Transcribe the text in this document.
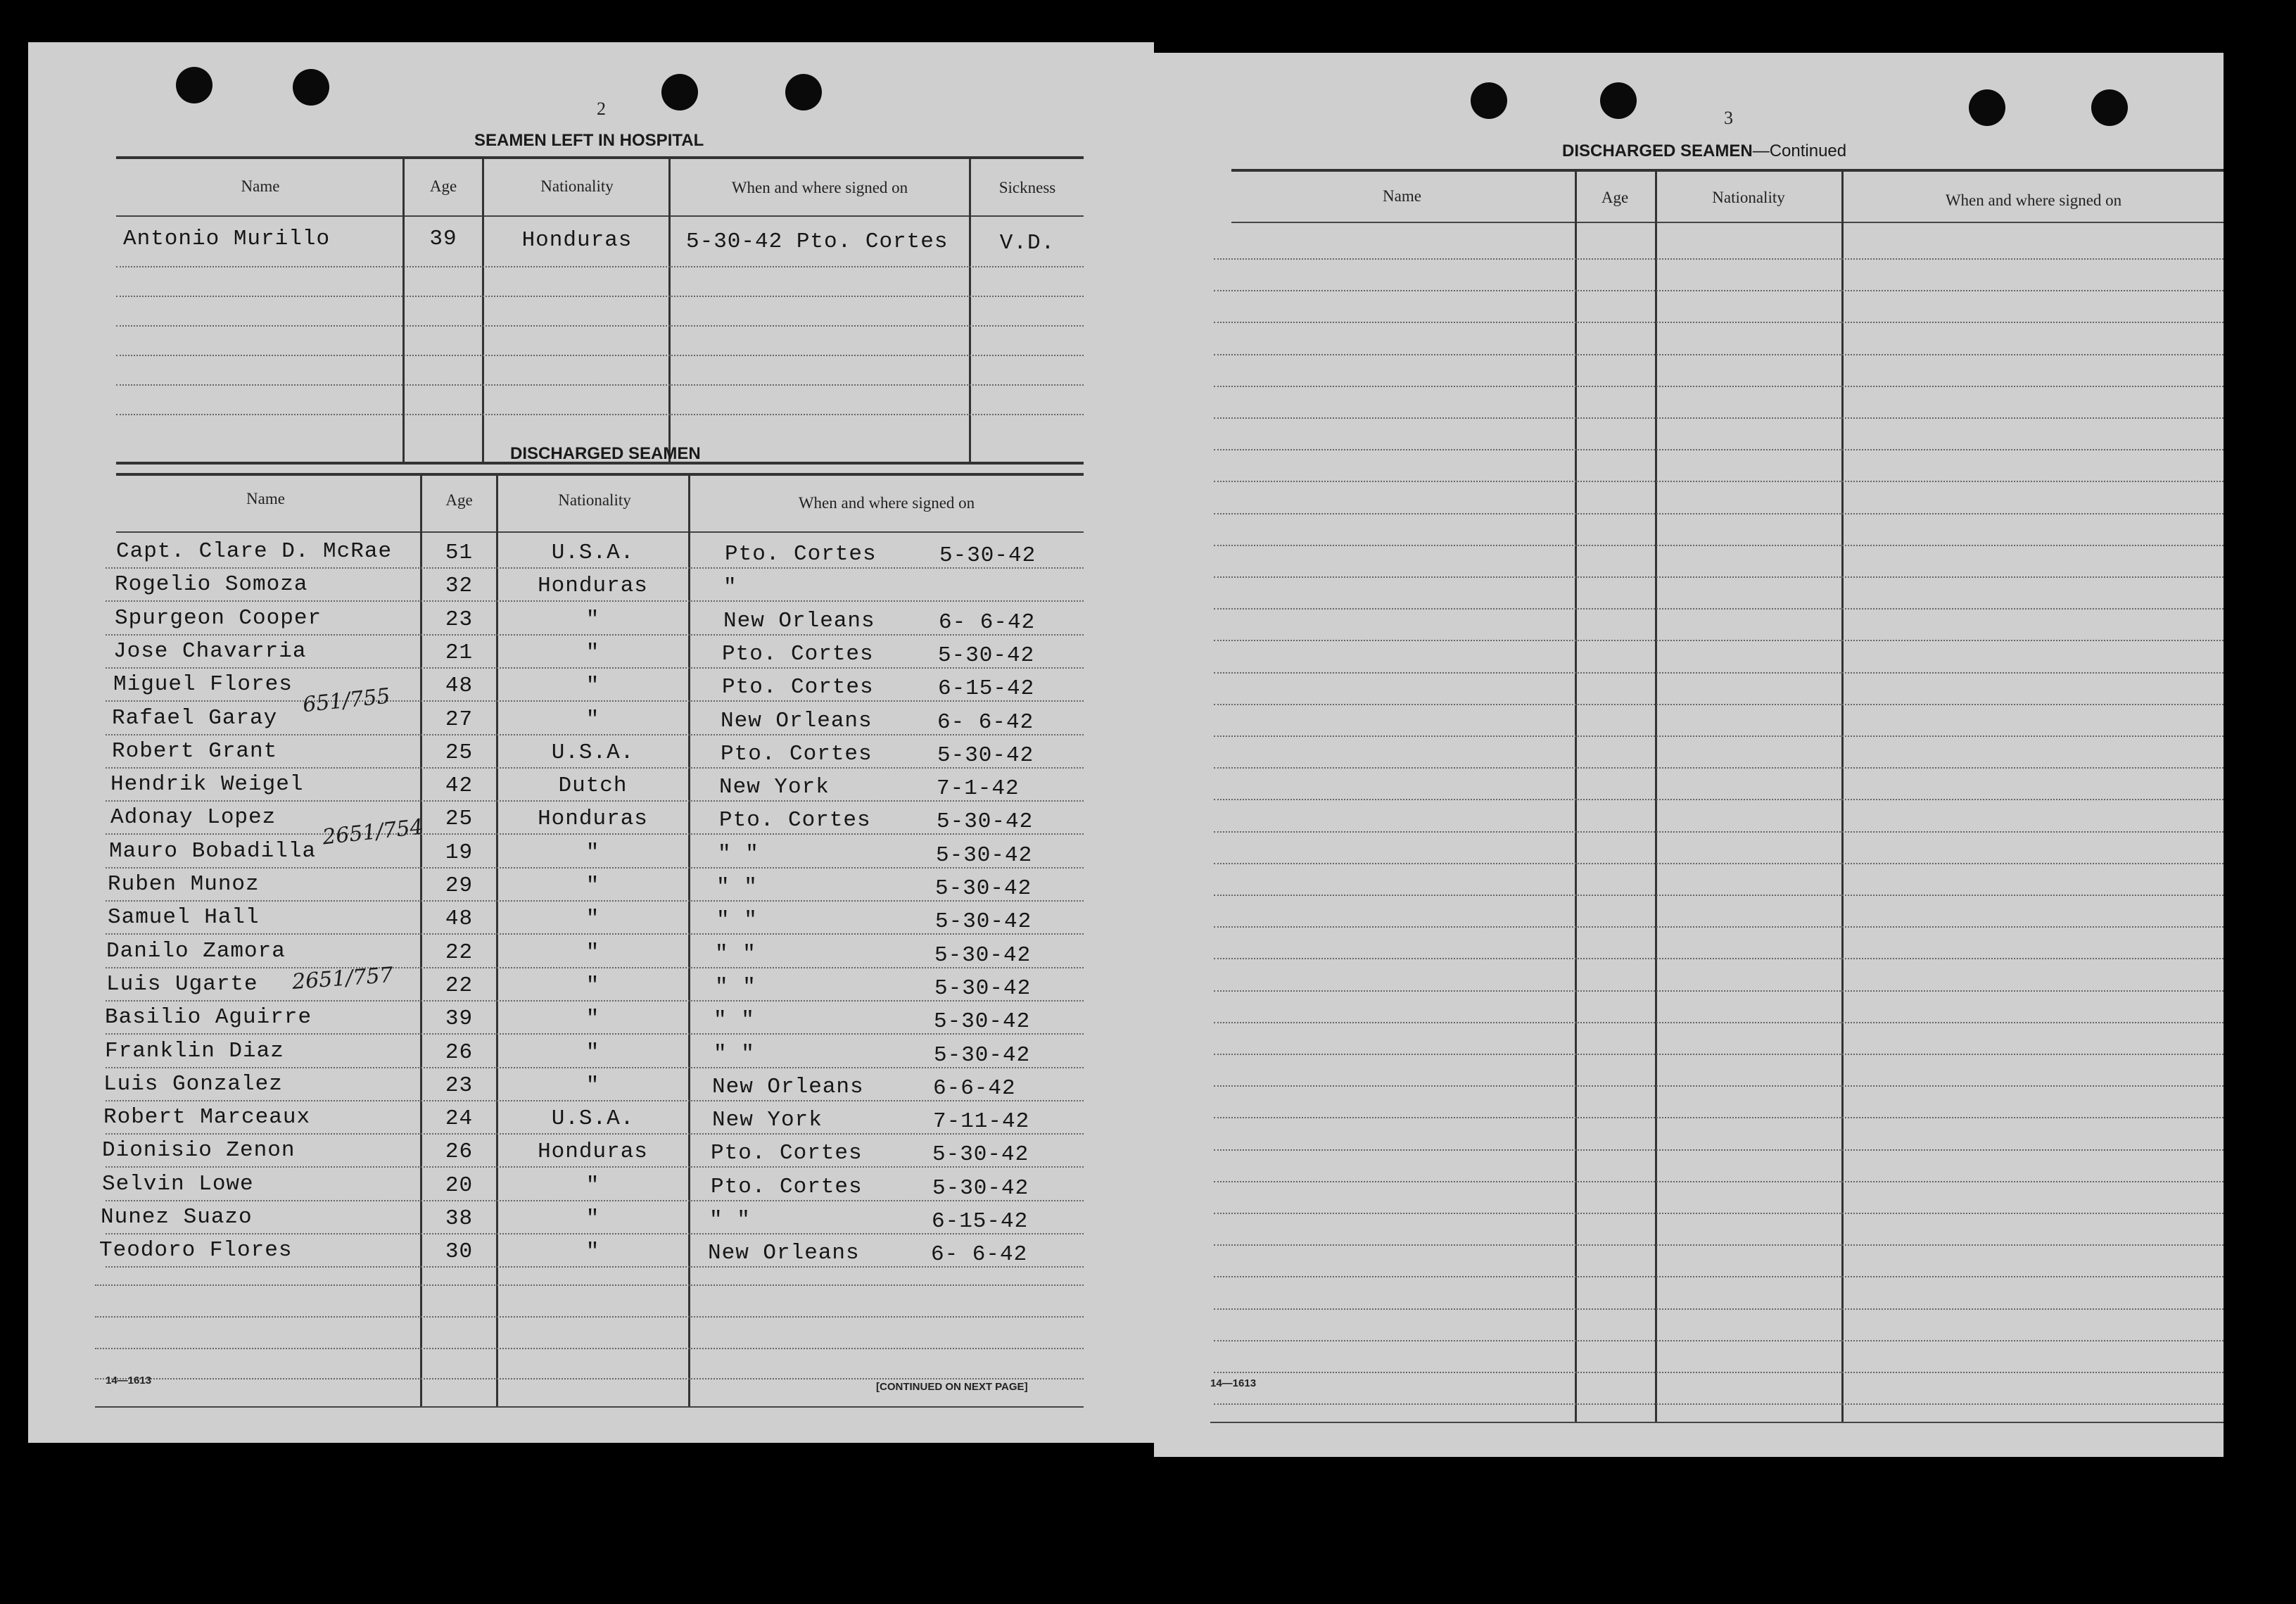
2
SEAMEN LEFT IN HOSPITAL
Name	Age	Nationality	When and where signed on	Sickness
Antonio Murillo	39	Honduras	5-30-42 Pto. Cortes	V.D.
DISCHARGED SEAMEN
Name	Age	Nationality	When and where signed on
Capt. Clare D. McRae	51	U.S.A.	Pto. Cortes	5-30-42
Rogelio Somoza	32	Honduras	"
Spurgeon Cooper	23	"	New Orleans	6- 6-42
Jose Chavarria	21	"	Pto. Cortes	5-30-42
Miguel Flores	48	"	Pto. Cortes	6-15-42
Rafael Garay	27	"	New Orleans	6- 6-42
Robert Grant	25	U.S.A.	Pto. Cortes	5-30-42
Hendrik Weigel	42	Dutch	New York	7-1-42
Adonay Lopez	25	Honduras	Pto. Cortes	5-30-42
Mauro Bobadilla	19	"	" "	5-30-42
Ruben Munoz	29	"	" "	5-30-42
Samuel Hall	48	"	" "	5-30-42
Danilo Zamora	22	"	" "	5-30-42
Luis Ugarte	22	"	" "	5-30-42
Basilio Aguirre	39	"	" "	5-30-42
Franklin Diaz	26	"	" "	5-30-42
Luis Gonzalez	23	"	New Orleans	6-6-42
Robert Marceaux	24	U.S.A.	New York	7-11-42
Dionisio Zenon	26	Honduras	Pto. Cortes	5-30-42
Selvin Lowe	20	"	Pto. Cortes	5-30-42
Nunez Suazo	38	"	" "	6-15-42
Teodoro Flores	30	"	New Orleans	6- 6-42
651/755
2651/754
2651/757
14—1613
[CONTINUED ON NEXT PAGE]
3
DISCHARGED SEAMEN—Continued
Name	Age	Nationality	When and where signed on
14—1613
